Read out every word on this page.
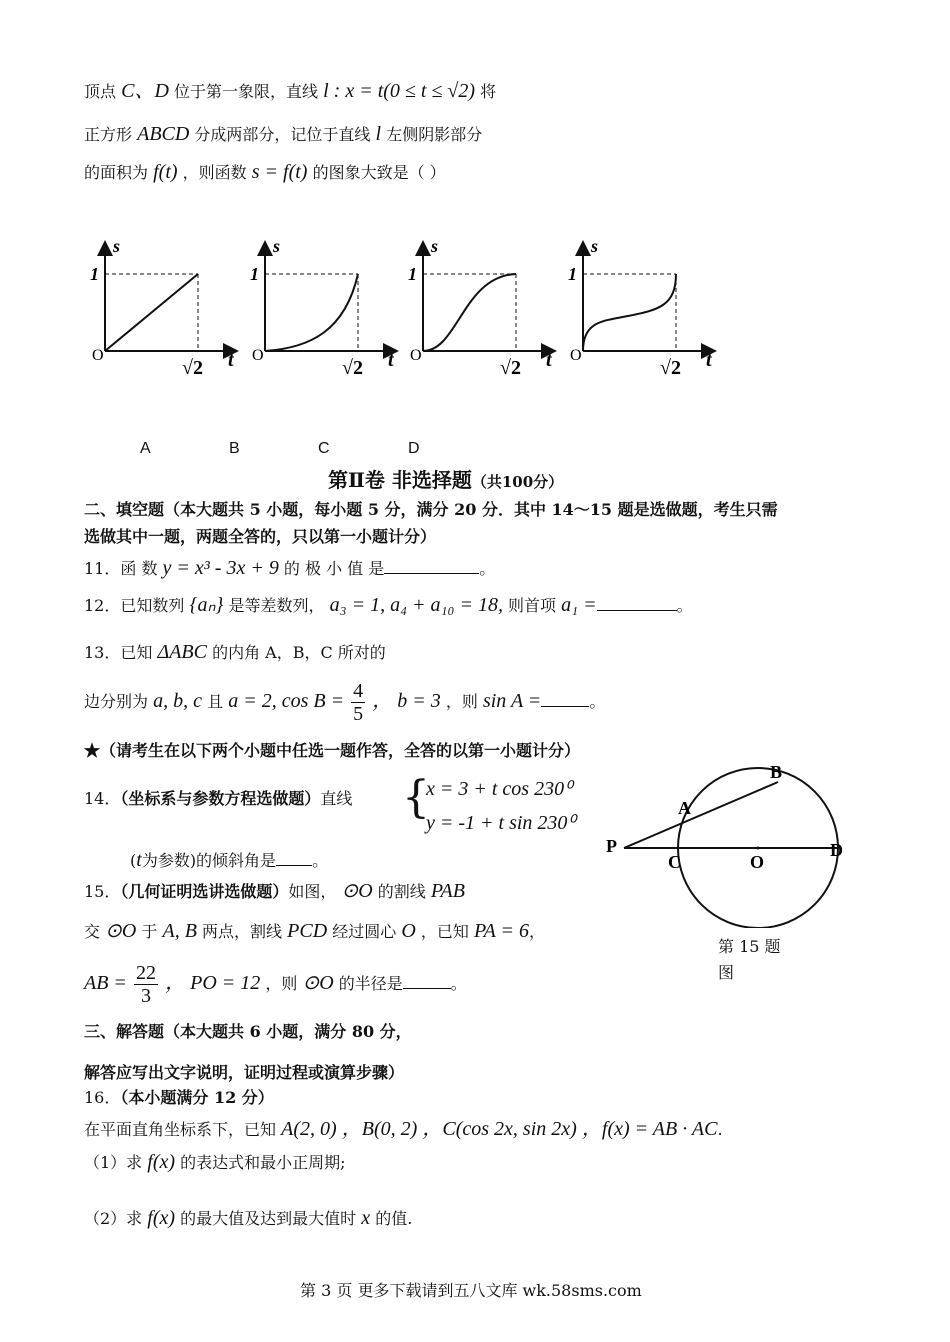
顶点 C、D 位于第一象限，直线 l : x = t(0 ≤ t ≤ √2) 将
正方形 ABCD 分成两部分，记位于直线 l 左侧阴影部分
的面积为 f(t) ，则函数 s = f(t) 的图象大致是（ ）
s
1
O	t
√2
s
1
O	t
√2
s
1
O	t
√2
s
1
O	t
√2
A	B	C	D
第Ⅱ卷 非选择题（共100分）
二、填空题（本大题共 5 小题，每小题 5 分，满分 20 分．其中 14～15 题是选做题，考生只需
选做其中一题，两题全答的，只以第一小题计分）
11．函 数 y = x³ - 3x + 9 的 极 小 值 是	。
12．已知数列 {aₙ} 是等差数列， a₃ = 1, a₄ + a₁₀ = 18, 则首项 a₁ =	。
13．已知 ΔABC 的内角 A，B，C 所对的
边分别为 a, b, c 且 a = 2, $\cos B = \frac{4}{5}$ ， b = 3 ，则 sin A =	。
★（请考生在以下两个小题中任选一题作答，全答的以第一小题计分）
14．（坐标系与参数方程选做题）直线 {
x = 3 + t cos 230⁰
y = -1 + t sin 230⁰
(t为参数)的倾斜角是 。
15．（几何证明选讲选做题）如图， ⊙O 的割线 PAB
交 ⊙O 于 A, B 两点，割线 PCD 经过圆心 O ，已知 PA = 6，
AB = $\frac{22}{3}$ ， PO = 12 ，则 ⊙O 的半径是	。
P
A
B
C	O
D
第 15 题
图
三、解答题（本大题共 6 小题，满分 80 分，
解答应写出文字说明，证明过程或演算步骤）
16．（本小题满分 12 分）
在平面直角坐标系下，已知 A(2, 0) ，B(0, 2) ，C(cos 2x, sin 2x) ，f(x) = AB · AC.
（1）求 f(x) 的表达式和最小正周期;
（2）求 f(x) 的最大值及达到最大值时 x 的值.
第 3 页 更多下载请到五八文库 wk.58sms.com
